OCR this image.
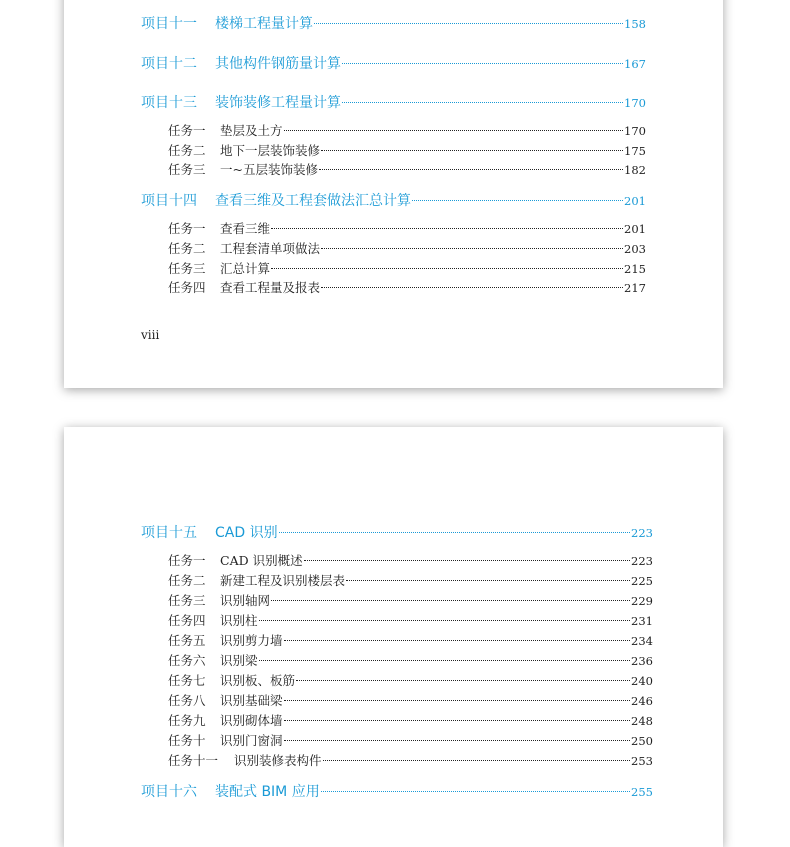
viii
项目十一	楼梯工程量计算	158
项目十二	其他构件钢筋量计算	167
项目十三	装饰装修工程量计算	170
任务一	垫层及土方	170
任务二	地下一层装饰装修	175
任务三	一~五层装饰装修	182
项目十四	查看三维及工程套做法汇总计算	201
任务一	查看三维	201
任务二	工程套清单项做法	203
任务三	汇总计算	215
任务四	查看工程量及报表	217
项目十五	CAD 识别	223
任务一	CAD 识别概述	223
任务二	新建工程及识别楼层表	225
任务三	识别轴网	229
任务四	识别柱	231
任务五	识别剪力墙	234
任务六	识别梁	236
任务七	识别板、板筋	240
任务八	识别基础梁	246
任务九	识别砌体墙	248
任务十	识别门窗洞	250
任务十一	识别装修表构件	253
项目十六	装配式 BIM 应用	255
